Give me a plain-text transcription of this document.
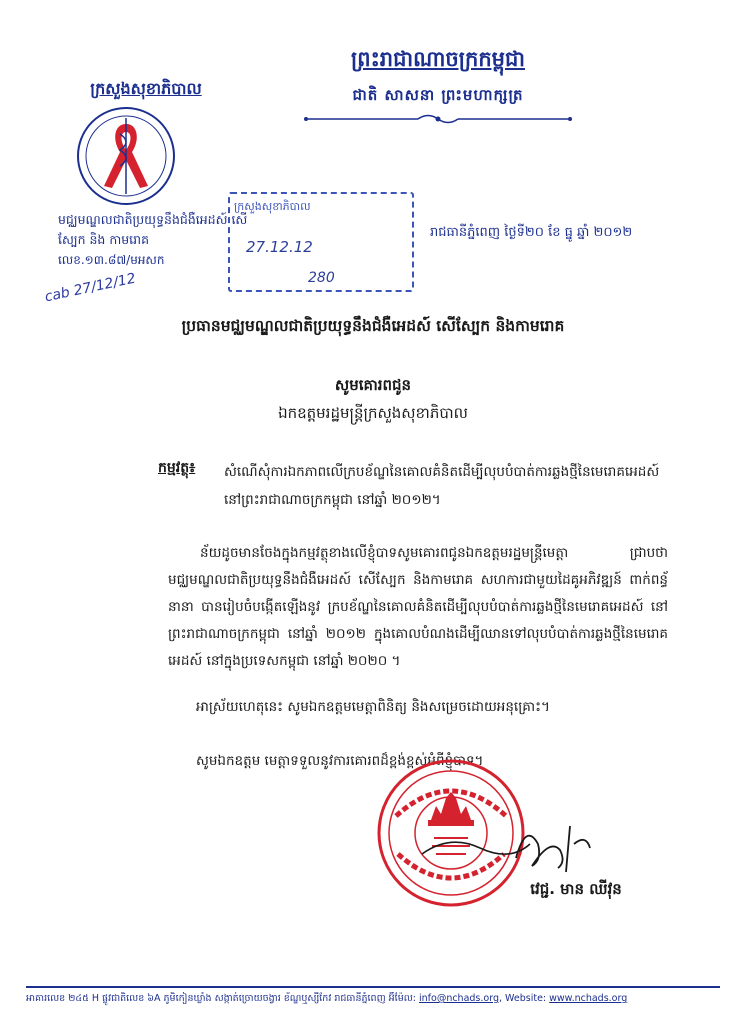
ព្រះរាជាណាចក្រកម្ពុជា
ជាតិ សាសនា ព្រះមហាក្សត្រ
ក្រសួងសុខាភិបាល
មជ្ឈមណ្ឌលជាតិប្រយុទ្ធនឹងជំងឺអេដស៍ សើស្បែក និង កាមរោគ
លេខ.១៣.៨៧/មអសក
ក្រសួងសុខាភិបាល
27.12.12
280
រាជធានីភ្នំពេញ ថ្ងៃទី២០ ខែ ធ្នូ ឆ្នាំ ២០១២
cab 27/12/12
ប្រធានមជ្ឈមណ្ឌលជាតិប្រយុទ្ធនឹងជំងឺអេដស៍ សើស្បែក និងកាមរោគ
សូមគោរពជូន
ឯកឧត្តមរដ្ឋមន្ត្រីក្រសួងសុខាភិបាល
កម្មវត្ថុ៖ សំណើសុំការឯកភាពលើក្របខ័ណ្ឌនៃគោលគំនិតដើម្បីលុបបំបាត់ការឆ្លងថ្មីនៃមេរោគអេដស៍នៅព្រះរាជាណាចក្រកម្ពុជា នៅឆ្នាំ ២០១២។
ន័យដូចមានចែងក្នុងកម្មវត្ថុខាងលើខ្ញុំបាទសូមគោរពជូនឯកឧត្តមរដ្ឋមន្ត្រីមេត្តា ជ្រាបថា មជ្ឈមណ្ឌលជាតិប្រយុទ្ធនឹងជំងឺអេដស៍ សើស្បែក និងកាមរោគ សហការជាមួយដៃគូអភិវឌ្ឍន៍ ពាក់ពន្ធ័នានា បានរៀបចំបង្កើតឡើងនូវ ក្របខ័ណ្ឌនៃគោលគំនិតដើម្បីលុបបំបាត់ការឆ្លងថ្មីនៃមេរោគអេដស៍ នៅព្រះរាជាណាចក្រកម្ពុជា នៅឆ្នាំ ២០១២ ក្នុងគោលបំណងដើម្បីឈានទៅលុបបំបាត់ការឆ្លងថ្មីនៃមេរោគអេដស៍ នៅក្នុងប្រទេសកម្ពុជា នៅឆ្នាំ ២០២០ ។
អាស្រ័យហេតុនេះ សូមឯកឧត្តមមេត្តាពិនិត្យ និងសម្រេចដោយអនុគ្រោះ។
សូមឯកឧត្តម មេត្តាទទួលនូវការគោរពដ៏ខ្ពង់ខ្ពស់អំពីខ្ញុំបាទ។
វេជ្ជ. មាន ឈីវុន
អាគារលេខ ២៤៥ H ផ្លូវជាតិលេខ ៦A ភូមិកៀនឃ្លាំង សង្កាត់ច្រោយចង្វារ ខ័ណ្ឌឬស្សីកែវ រាជធានីភ្នំពេញ អ៊ីម៉ែល: info@nchads.org, Website: www.nchads.org
